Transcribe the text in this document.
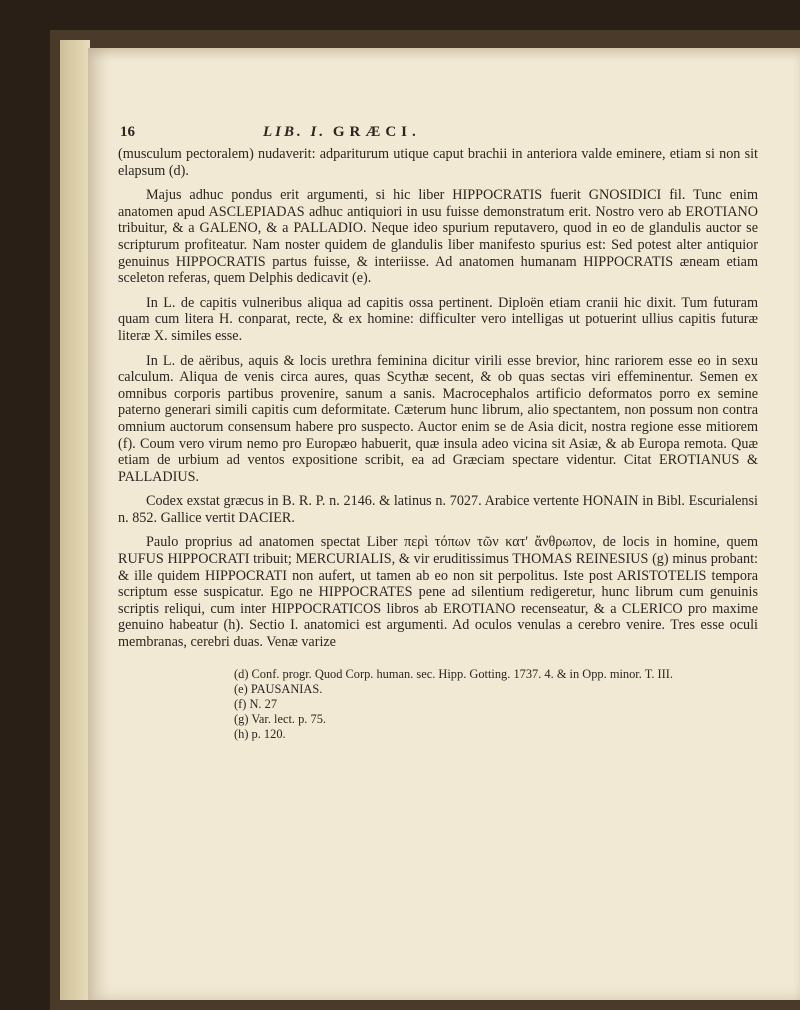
16	LIB. I. GRÆCI.

(musculum pectoralem) nudaverit: adpariturum utique caput brachii in anteriora valde eminere, etiam si non sit elapsum (d).

Majus adhuc pondus erit argumenti, si hic liber HIPPOCRATIS fuerit GNOSIDICI fil. Tunc enim anatomen apud ASCLEPIADAS adhuc antiquiori in usu fuisse demonstratum erit. Nostro vero ab EROTIANO tribuitur, & a GALENO, & a PALLADIO. Neque ideo spurium reputavero, quod in eo de glandulis auctor se scripturum profiteatur. Nam noster quidem de glandulis liber manifesto spurius est: Sed potest alter antiquior genuinus HIPPOCRATIS partus fuisse, & interiisse. Ad anatomen humanam HIPPOCRATIS æneam etiam sceleton referas, quem Delphis dedicavit (e).

In L. de capitis vulneribus aliqua ad capitis ossa pertinent. Diploën etiam cranii hic dixit. Tum futuram quam cum litera H. conparat, recte, & ex homine: difficulter vero intelligas ut potuerint ullius capitis futuræ literæ X. similes esse.

In L. de aëribus, aquis & locis urethra feminina dicitur virili esse brevior, hinc rariorem esse eo in sexu calculum. Aliqua de venis circa aures, quas Scythæ secent, & ob quas sectas viri effeminentur. Semen ex omnibus corporis partibus provenire, sanum a sanis. Macrocephalos artificio deformatos porro ex semine paterno generari simili capitis cum deformitate. Cæterum hunc librum, alio spectantem, non possum non contra omnium auctorum consensum habere pro suspecto. Auctor enim se de Asia dicit, nostra regione esse mitiorem (f). Coum vero virum nemo pro Europæo habuerit, quæ insula adeo vicina sit Asiæ, & ab Europa remota. Quæ etiam de urbium ad ventos expositione scribit, ea ad Græciam spectare videntur. Citat EROTIANUS & PALLADIUS.

Codex exstat græcus in B. R. P. n. 2146. & latinus n. 7027. Arabice vertente HONAIN in Bibl. Escurialensi n. 852. Gallice vertit DACIER.

Paulo proprius ad anatomen spectat Liber περὶ τόπων τῶν κατ' ἄνθρωπον, de locis in homine, quem RUFUS HIPPOCRATI tribuit; MERCURIALIS, & vir eruditissimus THOMAS REINESIUS (g) minus probant: & ille quidem HIPPOCRATI non aufert, ut tamen ab eo non sit perpolitus. Iste post ARISTOTELIS tempora scriptum esse suspicatur. Ego ne HIPPOCRATES pene ad silentium redigeretur, hunc librum cum genuinis scriptis reliqui, cum inter HIPPOCRATICOS libros ab EROTIANO recenseatur, & a CLERICO pro maxime genuino habeatur (h). Sectio I. anatomici est argumenti. Ad oculos venulas a cerebro venire. Tres esse oculi membranas, cerebri duas. Venæ varize

(d) Conf. progr. Quod Corp. human. sec. Hipp. Gotting. 1737. 4. & in Opp. minor. T. III.

(e) PAUSANIAS.

(f) N. 27

(g) Var. lect. p. 75.

(h) p. 120.
